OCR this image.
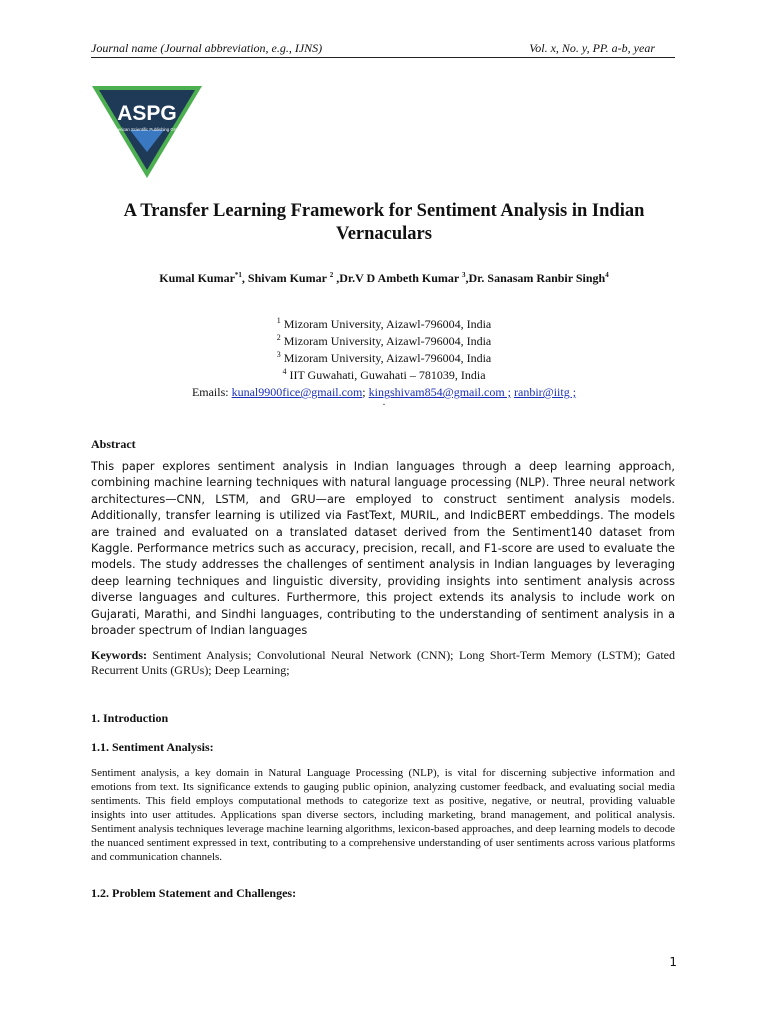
Journal name (Journal abbreviation, e.g., IJNS)	Vol. x, No. y, PP. a-b, year
ASPG
American Scientific Publishing Group
A Transfer Learning Framework for Sentiment Analysis in Indian Vernaculars
Kumal Kumar$^{*1}$, Shivam Kumar $^2$ ,Dr.V D Ambeth Kumar $^3$,Dr. Sanasam Ranbir Singh$^4$
$^1$ Mizoram University, Aizawl-796004, India
$^2$ Mizoram University, Aizawl-796004, India
$^3$ Mizoram University, Aizawl-796004, India
$^4$ IIT Guwahati, Guwahati – 781039, India
Emails: kunal9900fice@gmail.com; kingshivam854@gmail.com ; ranbir@iitg ;
.
Abstract
This paper explores sentiment analysis in Indian languages through a deep learning approach, combining machine learning techniques with natural language processing (NLP). Three neural network architectures—CNN, LSTM, and GRU—are employed to construct sentiment analysis models. Additionally, transfer learning is utilized via FastText, MURIL, and IndicBERT embeddings. The models are trained and evaluated on a translated dataset derived from the Sentiment140 dataset from Kaggle. Performance metrics such as accuracy, precision, recall, and F1-score are used to evaluate the models. The study addresses the challenges of sentiment analysis in Indian languages by leveraging deep learning techniques and linguistic diversity, providing insights into sentiment analysis across diverse languages and cultures. Furthermore, this project extends its analysis to include work on Gujarati, Marathi, and Sindhi languages, contributing to the understanding of sentiment analysis in a broader spectrum of Indian languages
Keywords: Sentiment Analysis; Convolutional Neural Network (CNN); Long Short-Term Memory (LSTM); Gated Recurrent Units (GRUs); Deep Learning;
1. Introduction
1.1. Sentiment Analysis:
Sentiment analysis, a key domain in Natural Language Processing (NLP), is vital for discerning subjective information and emotions from text. Its significance extends to gauging public opinion, analyzing customer feedback, and evaluating social media sentiments. This field employs computational methods to categorize text as positive, negative, or neutral, providing valuable insights into user attitudes. Applications span diverse sectors, including marketing, brand management, and political analysis. Sentiment analysis techniques leverage machine learning algorithms, lexicon-based approaches, and deep learning models to decode the nuanced sentiment expressed in text, contributing to a comprehensive understanding of user sentiments across various platforms and communication channels.
1.2. Problem Statement and Challenges:
1
